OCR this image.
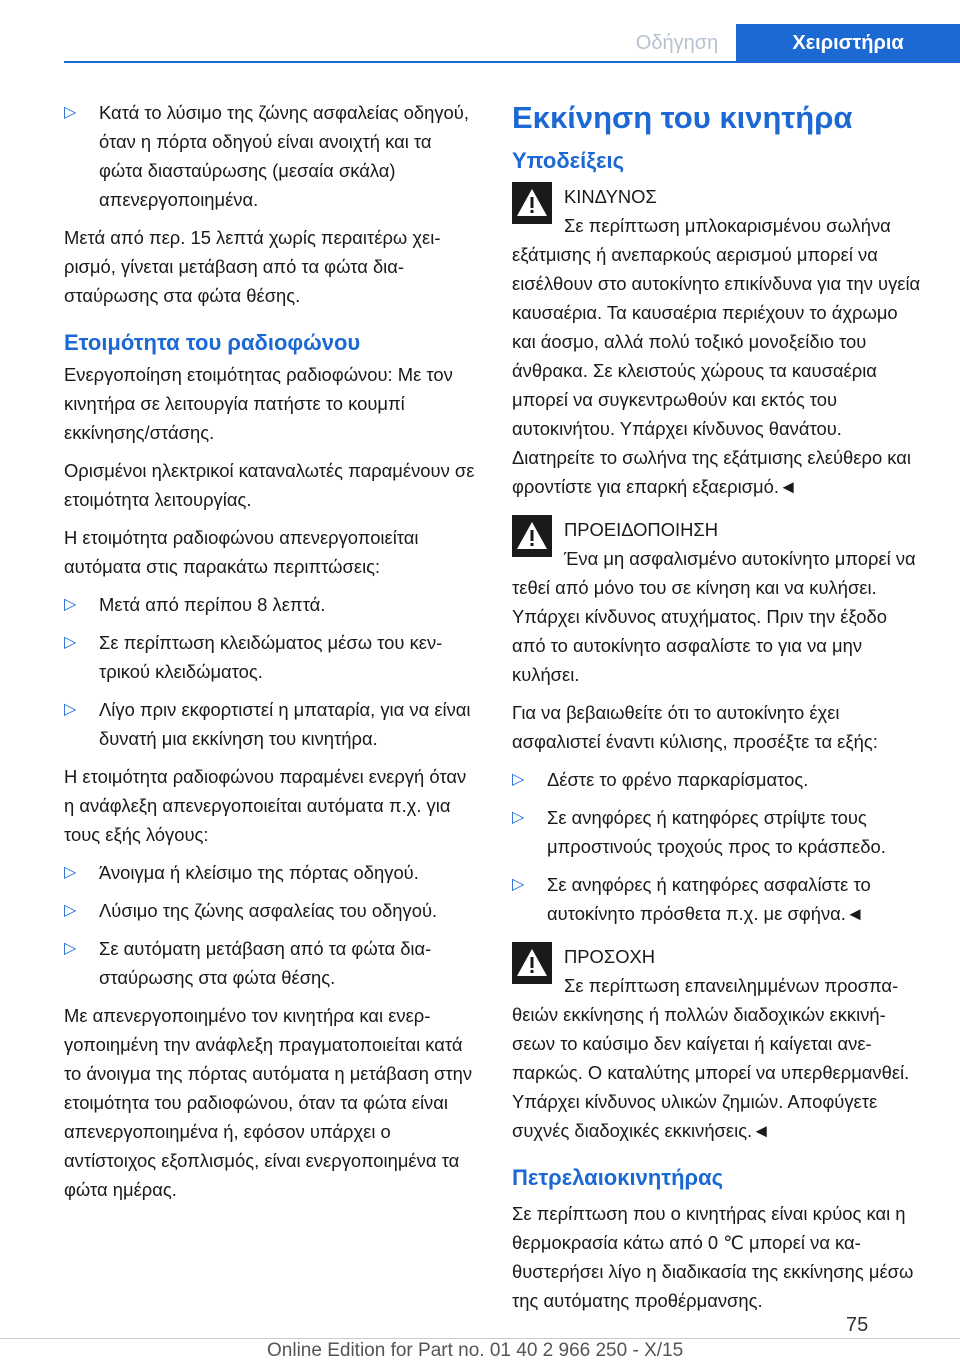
Οδήγηση	Χειριστήρια
▷ Κατά το λύσιμο της ζώνης ασφαλείας οδηγού, όταν η πόρτα οδηγού είναι ανοιχτή και τα φώτα διασταύρωσης (μεσαία σκάλα) απενεργοποιημένα.

Μετά από περ. 15 λεπτά χωρίς περαιτέρω χειρισμό, γίνεται μετάβαση από τα φώτα διασταύρωσης στα φώτα θέσης.

Ετοιμότητα του ραδιοφώνου

Ενεργοποίηση ετοιμότητας ραδιοφώνου: Με τον κινητήρα σε λειτουργία πατήστε το κουμπί εκκίνησης/στάσης.

Ορισμένοι ηλεκτρικοί καταναλωτές παραμένουν σε ετοιμότητα λειτουργίας.

Η ετοιμότητα ραδιοφώνου απενεργοποιείται αυτόματα στις παρακάτω περιπτώσεις:

▷ Μετά από περίπου 8 λεπτά.
▷ Σε περίπτωση κλειδώματος μέσω του κεντρικού κλειδώματος.
▷ Λίγο πριν εκφορτιστεί η μπαταρία, για να είναι δυνατή μια εκκίνηση του κινητήρα.

Η ετοιμότητα ραδιοφώνου παραμένει ενεργή όταν η ανάφλεξη απενεργοποιείται αυτόματα π.χ. για τους εξής λόγους:

▷ Άνοιγμα ή κλείσιμο της πόρτας οδηγού.
▷ Λύσιμο της ζώνης ασφαλείας του οδηγού.
▷ Σε αυτόματη μετάβαση από τα φώτα διασταύρωσης στα φώτα θέσης.

Με απενεργοποιημένο τον κινητήρα και ενεργοποιημένη την ανάφλεξη πραγματοποιείται κατά το άνοιγμα της πόρτας αυτόματα η μετάβαση στην ετοιμότητα του ραδιοφώνου, όταν τα φώτα είναι απενεργοποιημένα ή, εφόσον υπάρχει ο αντίστοιχος εξοπλισμός, είναι ενεργοποιημένα τα φώτα ημέρας.

Εκκίνηση του κινητήρα
Υποδείξεις
ΚΙΝΔΥΝΟΣ
Σε περίπτωση μπλοκαρισμένου σωλήνα εξάτμισης ή ανεπαρκούς αερισμού μπορεί να εισέλθουν στο αυτοκίνητο επικίνδυνα για την υγεία καυσαέρια. Τα καυσαέρια περιέχουν το άχρωμο και άοσμο, αλλά πολύ τοξικό μονοξείδιο του άνθρακα. Σε κλειστούς χώρους τα καυσαέρια μπορεί να συγκεντρωθούν και εκτός του αυτοκινήτου. Υπάρχει κίνδυνος θανάτου. Διατηρείτε το σωλήνα της εξάτμισης ελεύθερο και φροντίστε για επαρκή εξαερισμό.◄
ΠΡΟΕΙΔΟΠΟΙΗΣΗ
Ένα μη ασφαλισμένο αυτοκίνητο μπορεί να τεθεί από μόνο του σε κίνηση και να κυλήσει. Υπάρχει κίνδυνος ατυχήματος. Πριν την έξοδο από το αυτοκίνητο ασφαλίστε το για να μην κυλήσει.

Για να βεβαιωθείτε ότι το αυτοκίνητο έχει ασφαλιστεί έναντι κύλισης, προσέξτε τα εξής:

▷ Δέστε το φρένο παρκαρίσματος.
▷ Σε ανηφόρες ή κατηφόρες στρίψτε τους μπροστινούς τροχούς προς το κράσπεδο.
▷ Σε ανηφόρες ή κατηφόρες ασφαλίστε το αυτοκίνητο πρόσθετα π.χ. με σφήνα.◄
ΠΡΟΣΟΧΗ
Σε περίπτωση επανειλημμένων προσπαθειών εκκίνησης ή πολλών διαδοχικών εκκινήσεων το καύσιμο δεν καίγεται ή καίγεται ανεπαρκώς. Ο καταλύτης μπορεί να υπερθερμανθεί. Υπάρχει κίνδυνος υλικών ζημιών. Αποφύγετε συχνές διαδοχικές εκκινήσεις.◄
Πετρελαιοκινητήρας

Σε περίπτωση που ο κινητήρας είναι κρύος και η θερμοκρασία κάτω από 0 ℃ μπορεί να καθυστερήσει λίγο η διαδικασία της εκκίνησης μέσω της αυτόματης προθέρμανσης.

75
Online Edition for Part no. 01 40 2 966 250 - X/15
